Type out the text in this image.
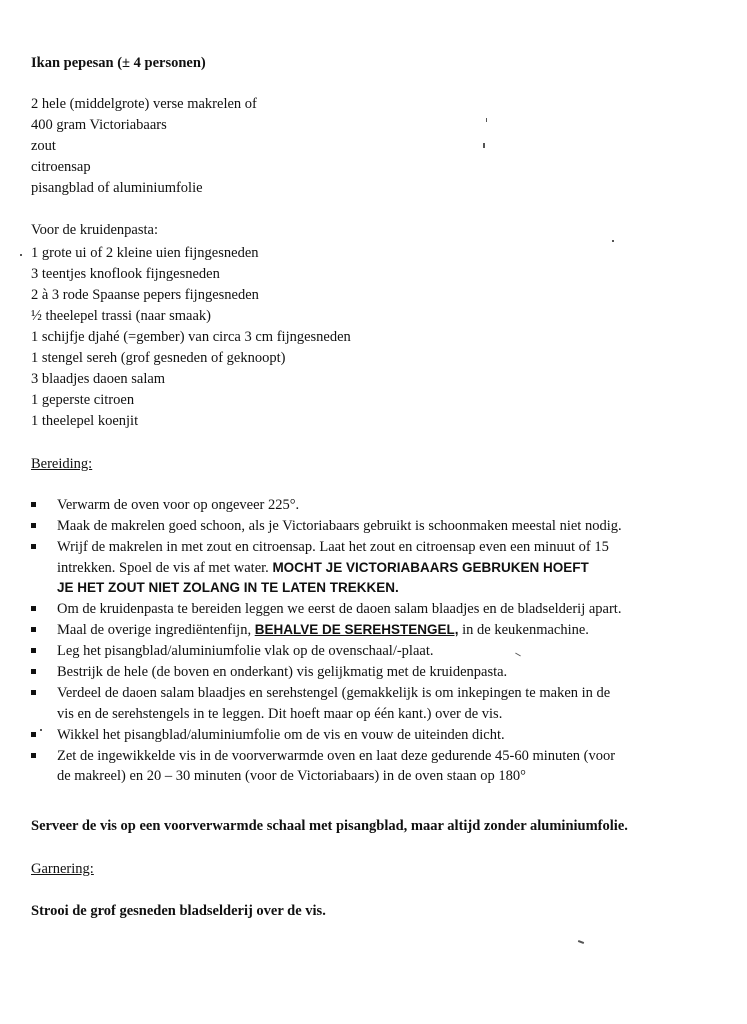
Ikan pepesan (± 4 personen)
2 hele (middelgrote) verse makrelen of
400 gram Victoriabaars
zout
citroensap
pisangblad of aluminiumfolie

Voor de kruidenpasta:

1 grote ui of 2 kleine uien fijngesneden
3 teentjes knoflook fijngesneden
2 à 3 rode Spaanse pepers fijngesneden
½ theelepel trassi (naar smaak)
1 schijfje djahé (=gember) van circa 3 cm fijngesneden
1 stengel sereh (grof gesneden of geknoopt)
3 blaadjes daoen salam
1 geperste citroen
1 theelepel koenjit

Bereiding:

Verwarm de oven voor op ongeveer 225°.
Maak de makrelen goed schoon, als je Victoriabaars gebruikt is schoonmaken meestal niet nodig.
Wrijf de makrelen in met zout en citroensap. Laat het zout en citroensap even een minuut of 15
intrekken. Spoel de vis af met water. MOCHT JE VICTORIABAARS GEBRUKEN HOEFT
JE HET ZOUT NIET ZOLANG IN TE LATEN TREKKEN.
Om de kruidenpasta te bereiden leggen we eerst de daoen salam blaadjes en de bladselderij apart.
Maal de overige ingrediëntenfijn, BEHALVE DE SEREHSTENGEL, in de keukenmachine.
Leg het pisangblad/aluminiumfolie vlak op de ovenschaal/-plaat.
Bestrijk de hele (de boven en onderkant) vis gelijkmatig met de kruidenpasta.
Verdeel de daoen salam blaadjes en serehstengel (gemakkelijk is om inkepingen te maken in de
vis en de serehstengels in te leggen. Dit hoeft maar op één kant.) over de vis.
Wikkel het pisangblad/aluminiumfolie om de vis en vouw de uiteinden dicht.
Zet de ingewikkelde vis in de voorverwarmde oven en laat deze gedurende 45-60 minuten (voor
de makreel) en 20 – 30 minuten (voor de Victoriabaars) in de oven staan op 180°

Serveer de vis op een voorverwarmde schaal met pisangblad, maar altijd zonder aluminiumfolie.

Garnering:

Strooi de grof gesneden bladselderij over de vis.
